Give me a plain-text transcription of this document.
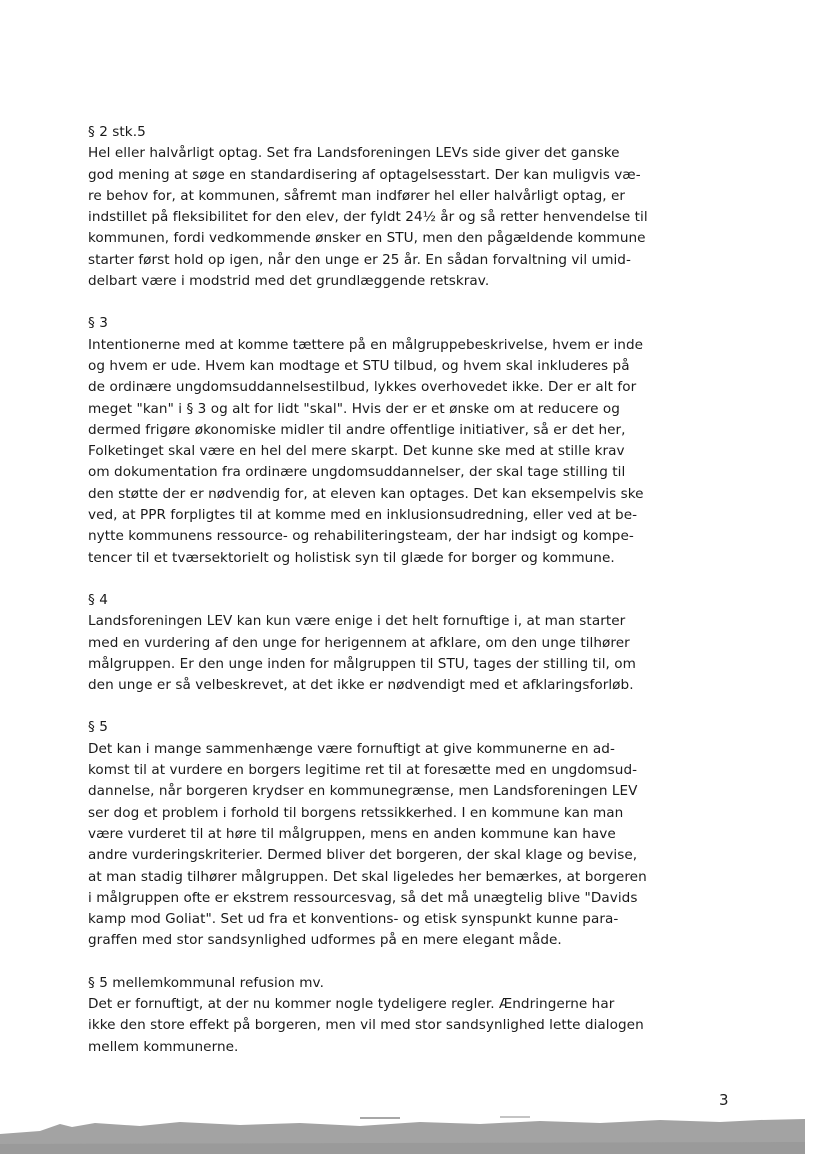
§ 2 stk.5

Hel eller halvårligt optag. Set fra Landsforeningen LEVs side giver det ganske
god mening at søge en standardisering af optagelsesstart. Der kan muligvis væ-
re behov for, at kommunen, såfremt man indfører hel eller halvårligt optag, er
indstillet på fleksibilitet for den elev, der fyldt 24½ år og så retter henvendelse til
kommunen, fordi vedkommende ønsker en STU, men den pågældende kommune
starter først hold op igen, når den unge er 25 år. En sådan forvaltning vil umid-
delbart være i modstrid med det grundlæggende retskrav.

§ 3

Intentionerne med at komme tættere på en målgruppebeskrivelse, hvem er inde
og hvem er ude. Hvem kan modtage et STU tilbud, og hvem skal inkluderes på
de ordinære ungdomsuddannelsestilbud, lykkes overhovedet ikke. Der er alt for
meget "kan" i § 3 og alt for lidt "skal". Hvis der er et ønske om at reducere og
dermed frigøre økonomiske midler til andre offentlige initiativer, så er det her,
Folketinget skal være en hel del mere skarpt. Det kunne ske med at stille krav
om dokumentation fra ordinære ungdomsuddannelser, der skal tage stilling til
den støtte der er nødvendig for, at eleven kan optages. Det kan eksempelvis ske
ved, at PPR forpligtes til at komme med en inklusionsudredning, eller ved at be-
nytte kommunens ressource- og rehabiliteringsteam, der har indsigt og kompe-
tencer til et tværsektorielt og holistisk syn til glæde for borger og kommune.

§ 4

Landsforeningen LEV kan kun være enige i det helt fornuftige i, at man starter
med en vurdering af den unge for herigennem at afklare, om den unge tilhører
målgruppen. Er den unge inden for målgruppen til STU, tages der stilling til, om
den unge er så velbeskrevet, at det ikke er nødvendigt med et afklaringsforløb.

§ 5

Det kan i mange sammenhænge være fornuftigt at give kommunerne en ad-
komst til at vurdere en borgers legitime ret til at foresætte med en ungdomsud-
dannelse, når borgeren krydser en kommunegrænse, men Landsforeningen LEV
ser dog et problem i forhold til borgens retssikkerhed. I en kommune kan man
være vurderet til at høre til målgruppen, mens en anden kommune kan have
andre vurderingskriterier. Dermed bliver det borgeren, der skal klage og bevise,
at man stadig tilhører målgruppen. Det skal ligeledes her bemærkes, at borgeren
i målgruppen ofte er ekstrem ressourcesvag, så det må unægtelig blive "Davids
kamp mod Goliat". Set ud fra et konventions- og etisk synspunkt kunne para-
graffen med stor sandsynlighed udformes på en mere elegant måde.

§ 5 mellemkommunal refusion mv.

Det er fornuftigt, at der nu kommer nogle tydeligere regler. Ændringerne har
ikke den store effekt på borgeren, men vil med stor sandsynlighed lette dialogen
mellem kommunerne.

3
